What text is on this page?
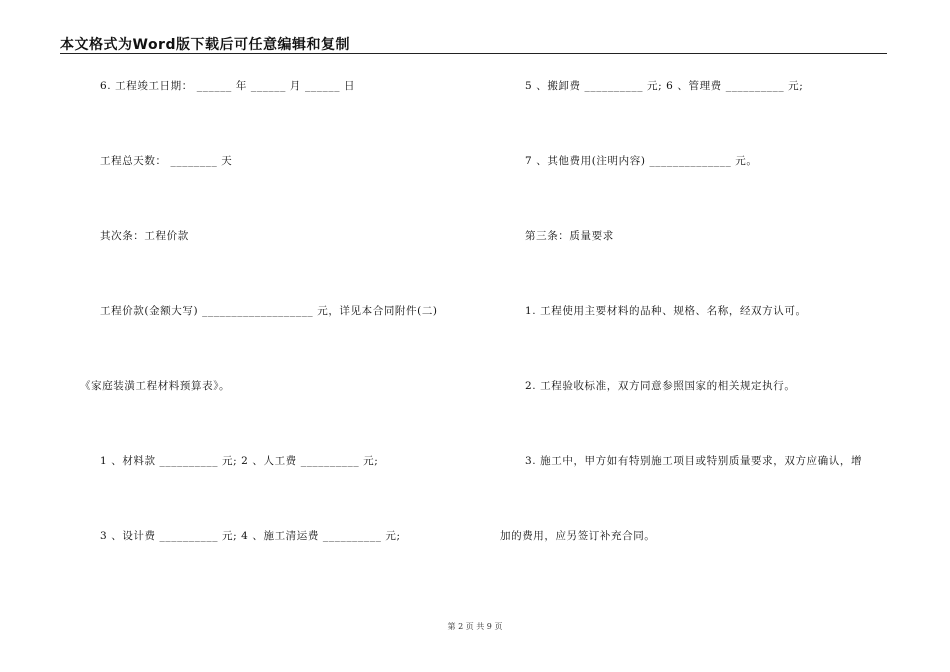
本文格式为Word版下载后可任意编辑和复制
6. 工程竣工日期： ______ 年 ______ 月 ______ 日
工程总天数： ________ 天
其次条：工程价款
工程价款(金额大写) ___________________ 元，详见本合同附件(二)
《家庭装潢工程材料预算表》。
1 、材料款 __________ 元; 2 、人工费 __________ 元;
3 、设计费 __________ 元; 4 、施工清运费 __________ 元;
5 、搬卸费 __________ 元; 6 、管理费 __________ 元;
7 、其他费用(注明内容) ______________ 元。
第三条：质量要求
1. 工程使用主要材料的品种、规格、名称，经双方认可。
2. 工程验收标准，双方同意参照国家的相关规定执行。
3. 施工中，甲方如有特别施工项目或特别质量要求，双方应确认，增
加的费用，应另签订补充合同。
第 2 页 共 9 页
